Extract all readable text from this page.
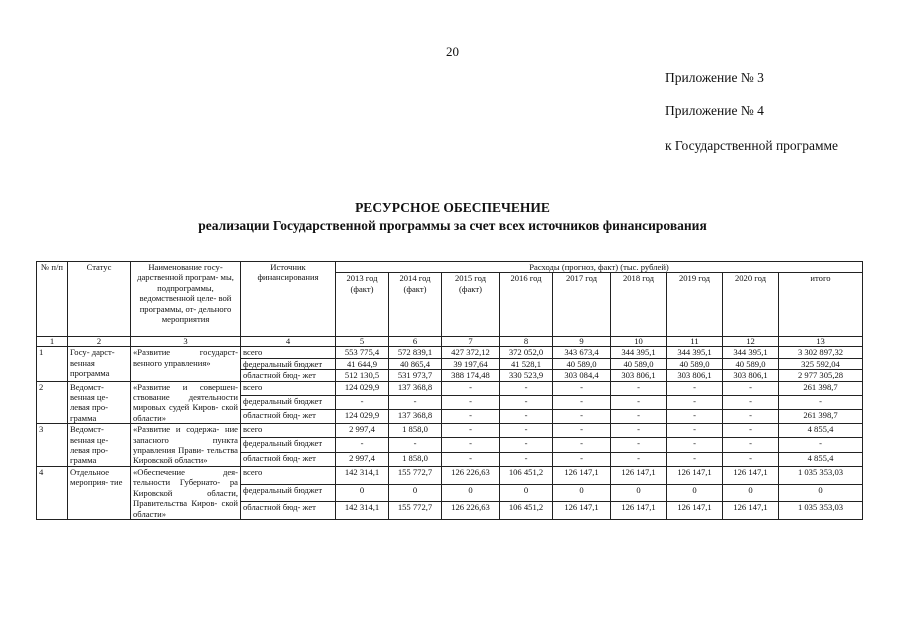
20
Приложение № 3
Приложение № 4
к Государственной программе
РЕСУРСНОЕ ОБЕСПЕЧЕНИЕ
реализации Государственной программы за счет всех источников финансирования
№ п/п	Статус	Наименование госу- дарственной програм- мы, подпрограммы, ведомственной целе- вой программы, от- дельного мероприятия	Источник финансирования	Расходы (прогноз, факт) (тыс. рублей)								
				2013 год (факт)	2014 год (факт)	2015 год (факт)	2016 год	2017 год	2018 год	2019 год	2020 год	итого
1	2	3	4	5	6	7	8	9	10	11	12	13
1	Госу- дарст- венная программа	«Развитие государст- венного управления»	всего	553 775,4	572 839,1	427 372,12	372 052,0	343 673,4	344 395,1	344 395,1	344 395,1	3 302 897,32
			федеральный бюджет	41 644,9	40 865,4	39 197,64	41 528,1	40 589,0	40 589,0	40 589,0	40 589,0	325 592,04
			областной бюд- жет	512 130,5	531 973,7	388 174,48	330 523,9	303 084,4	303 806,1	303 806,1	303 806,1	2 977 305,28
2	Ведомст- венная це- левая про- грамма	«Развитие и совершен- ствование деятельности мировых судей Киров- ской области»	всего	124 029,9	137 368,8	-	-	-	-	-	-	261 398,7
			федеральный бюджет	-	-	-	-	-	-	-	-	-
			областной бюд- жет	124 029,9	137 368,8	-	-	-	-	-	-	261 398,7
3	Ведомст- венная це- левая про- грамма	«Развитие и содержа- ние запасного пункта управления Прави- тельства Кировской области»	всего	2 997,4	1 858,0	-	-	-	-	-	-	4 855,4
			федеральный бюджет	-	-	-	-	-	-	-	-	-
			областной бюд- жет	2 997,4	1 858,0	-	-	-	-	-	-	4 855,4
4	Отдельное мероприя- тие	«Обеспечение дея- тельности Губернато- ра Кировской области, Правительства Киров- ской области»	всего	142 314,1	155 772,7	126 226,63	106 451,2	126 147,1	126 147,1	126 147,1	126 147,1	1 035 353,03
			федеральный бюджет	0	0	0	0	0	0	0	0	0
			областной бюд- жет	142 314,1	155 772,7	126 226,63	106 451,2	126 147,1	126 147,1	126 147,1	126 147,1	1 035 353,03
